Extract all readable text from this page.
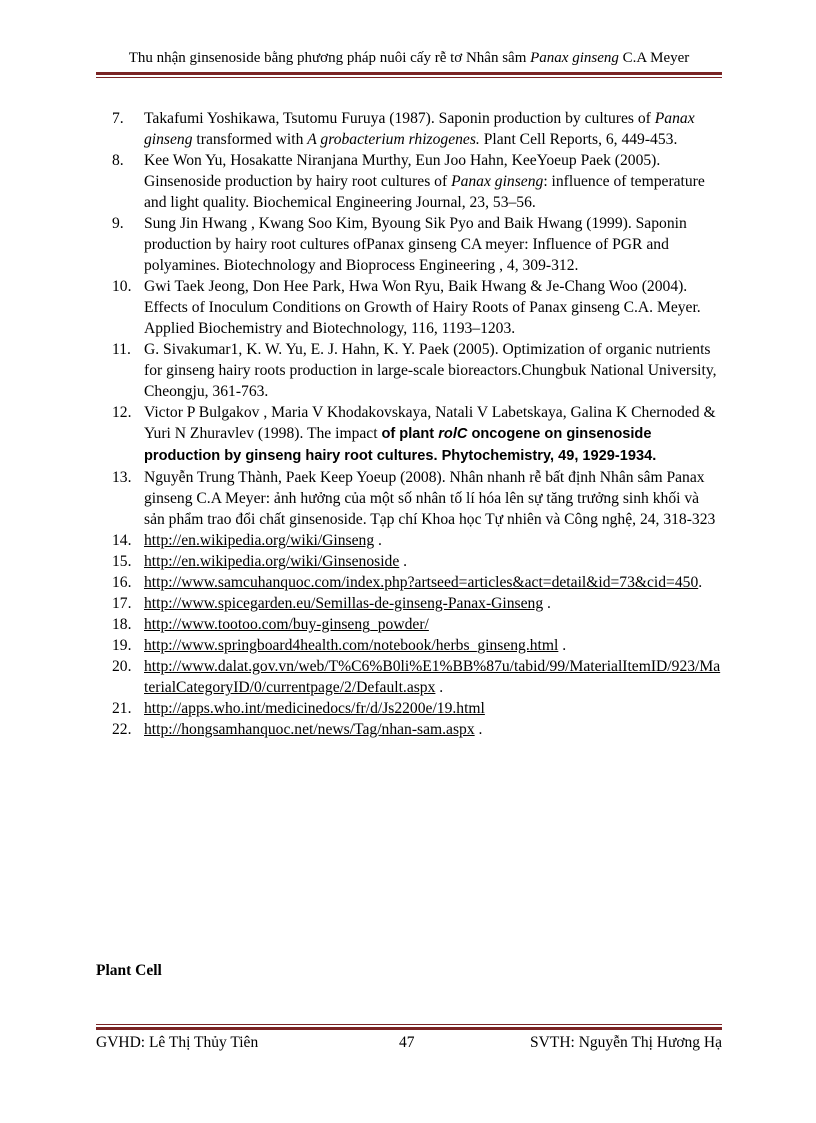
Thu nhận ginsenoside bằng phương pháp nuôi cấy rễ tơ Nhân sâm Panax ginseng C.A Meyer
7.	Takafumi Yoshikawa, Tsutomu Furuya (1987). Saponin production by cultures of Panax ginseng transformed with A grobacterium rhizogenes. Plant Cell Reports, 6, 449-453.
8.	Kee Won Yu, Hosakatte Niranjana Murthy, Eun Joo Hahn, KeeYoeup Paek (2005). Ginsenoside production by hairy root cultures of Panax ginseng: influence of temperature and light quality. Biochemical Engineering Journal, 23, 53–56.
9.	Sung Jin Hwang , Kwang Soo Kim, Byoung Sik Pyo and Baik Hwang (1999). Saponin production by hairy root cultures ofPanax ginseng CA meyer: Influence of PGR and polyamines. Biotechnology and Bioprocess Engineering , 4, 309-312.
10. Gwi Taek Jeong, Don Hee Park, Hwa Won Ryu, Baik Hwang & Je-Chang Woo (2004). Effects of Inoculum Conditions on Growth of Hairy Roots of Panax ginseng C.A. Meyer. Applied Biochemistry and Biotechnology, 116, 1193–1203.
11. G. Sivakumar1, K. W. Yu, E. J. Hahn, K. Y. Paek (2005). Optimization of organic nutrients for ginseng hairy roots production in large-scale bioreactors.Chungbuk National University, Cheongju, 361-763.
12. Victor P Bulgakov , Maria V Khodakovskaya, Natali V Labetskaya, Galina K Chernoded & Yuri N Zhuravlev (1998). The impact of plant rolC oncogene on ginsenoside production by ginseng hairy root cultures. Phytochemistry, 49, 1929-1934.
13. Nguyễn Trung Thành, Paek Keep Yoeup (2008). Nhân nhanh rễ bất định Nhân sâm Panax ginseng C.A Meyer: ảnh hưởng của một số nhân tố lí hóa lên sự tăng trưởng sinh khối và sản phẩm trao đổi chất ginsenoside. Tạp chí Khoa học Tự nhiên và Công nghệ, 24, 318-323
14. http://en.wikipedia.org/wiki/Ginseng .
15. http://en.wikipedia.org/wiki/Ginsenoside .
16. http://www.samcuhanquoc.com/index.php?artseed=articles&act=detail&id=73&cid=450.
17. http://www.spicegarden.eu/Semillas-de-ginseng-Panax-Ginseng .
18. http://www.tootoo.com/buy-ginseng_powder/
19. http://www.springboard4health.com/notebook/herbs_ginseng.html .
20. http://www.dalat.gov.vn/web/T%C6%B0li%E1%BB%87u/tabid/99/MaterialItemID/923/MaterialCategoryID/0/currentpage/2/Default.aspx .
21. http://apps.who.int/medicinedocs/fr/d/Js2200e/19.html
22. http://hongsamhanquoc.net/news/Tag/nhan-sam.aspx .
Plant Cell
GVHD: Lê Thị Thủy Tiên	47	SVTH: Nguyễn Thị Hương Hạ
